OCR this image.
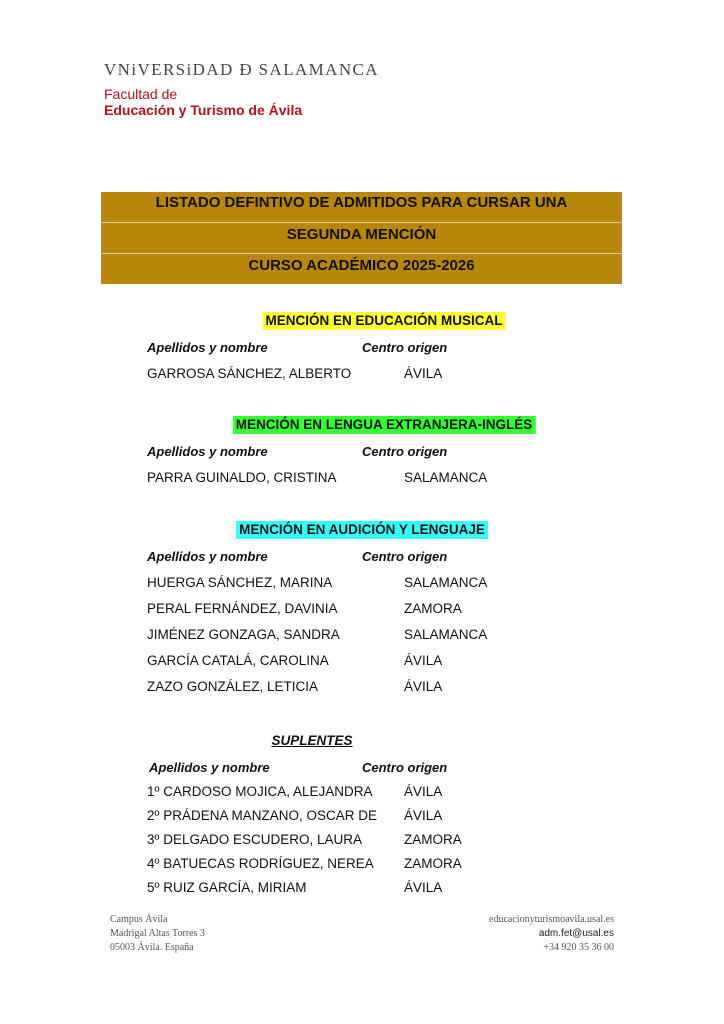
VNiVERSiDAD Ð SALAMANCA
Facultad de
Educación y Turismo de Ávila
LISTADO DEFINTIVO DE ADMITIDOS PARA CURSAR UNA
SEGUNDA MENCIÓN
CURSO ACADÉMICO 2025-2026
MENCIÓN EN EDUCACIÓN MUSICAL
Apellidos y nombre	Centro origen
GARROSA SÁNCHEZ, ALBERTO	ÁVILA
MENCIÓN EN LENGUA EXTRANJERA-INGLÉS
Apellidos y nombre	Centro origen
PARRA GUINALDO, CRISTINA	SALAMANCA
MENCIÓN EN AUDICIÓN Y LENGUAJE
Apellidos y nombre	Centro origen
HUERGA SÁNCHEZ, MARINA	SALAMANCA
PERAL FERNÁNDEZ, DAVINIA	ZAMORA
JIMÉNEZ GONZAGA, SANDRA	SALAMANCA
GARCÍA CATALÁ, CAROLINA	ÁVILA
ZAZO GONZÁLEZ, LETICIA	ÁVILA
SUPLENTES
Apellidos y nombre	Centro origen
1º CARDOSO MOJICA, ALEJANDRA ÁVILA
2º PRÁDENA MANZANO, OSCAR DE ÁVILA
3º DELGADO ESCUDERO, LAURA	ZAMORA
4º BATUECAS RODRÍGUEZ, NEREA ZAMORA
5º RUIZ GARCÍA, MIRIAM	ÁVILA
Campus Ávila
Madrigal Altas Torres 3
05003 Ávila. España
educacionyturismoavila.usal.es
adm.fet@usal.es
+34 920 35 36 00
